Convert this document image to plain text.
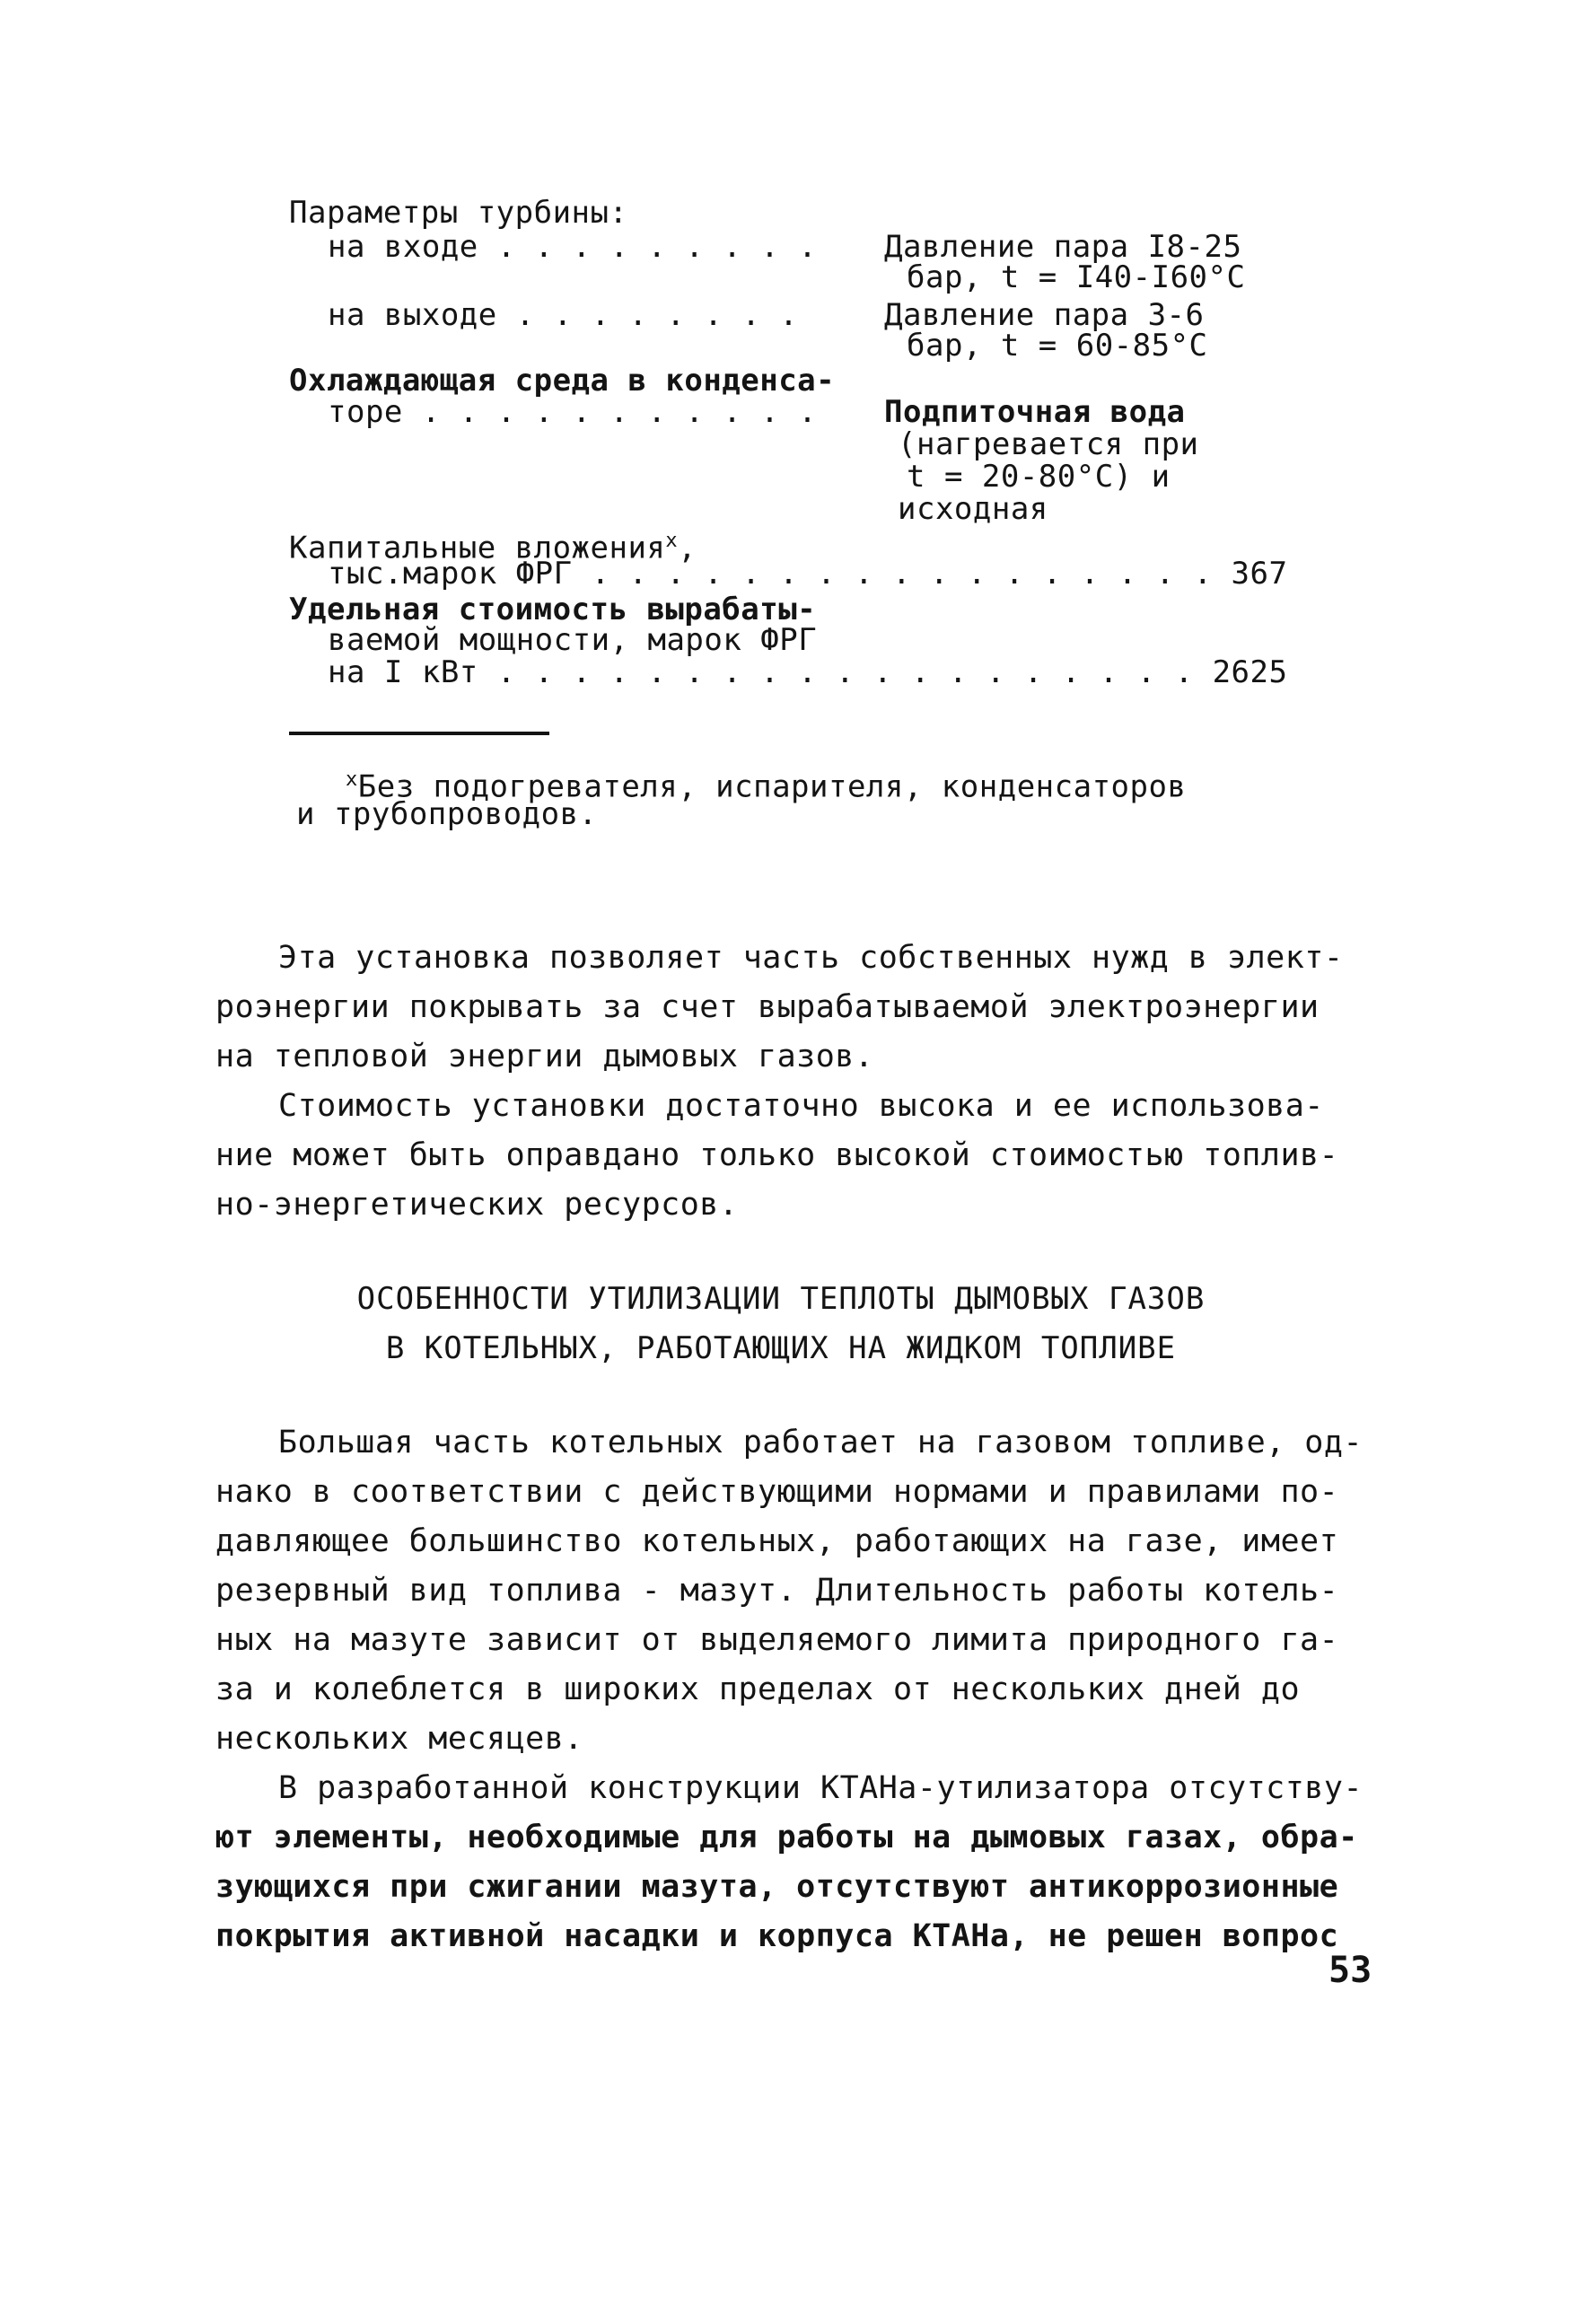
Параметры турбины:
на входе . . . . . . . . . Давление пара I8-25
бар, t = I40-I60°С
на выходе . . . . . . . .	Давление пара 3-6
бар, t = 60-85°С
Охлаждающая среда в конденса-
торе . . . . . . . . . . . Подпиточная вода
(нагревается при
t = 20-80°С) и
исходная
Капитальные вложения$^x$,
тыс.марок ФРГ . . . . . . . . . . . . . . . . . 367
Удельная стоимость вырабаты-
ваемой мощности, марок ФРГ
на I кВт . . . . . . . . . . . . . . . . . . . 2625
$^x$Без подогревателя, испарителя, конденсаторов
и трубопроводов.
Эта установка позволяет часть собственных нужд в элект-
роэнергии покрывать за счет вырабатываемой электроэнергии
на тепловой энергии дымовых газов.
Стоимость установки достаточно высока и ее использова-
ние может быть оправдано только высокой стоимостью топлив-
но-энергетических ресурсов.
ОСОБЕННОСТИ УТИЛИЗАЦИИ ТЕПЛОТЫ ДЫМОВЫХ ГАЗОВ
В КОТЕЛЬНЫХ, РАБОТАЮЩИХ НА ЖИДКОМ ТОПЛИВЕ
Большая часть котельных работает на газовом топливе, од-
нако в соответствии с действующими нормами и правилами по-
давляющее большинство котельных, работающих на газе, имеет
резервный вид топлива - мазут. Длительность работы котель-
ных на мазуте зависит от выделяемого лимита природного га-
за и колеблется в широких пределах от нескольких дней до
нескольких месяцев.
В разработанной конструкции КТАНа-утилизатора отсутству-
ют элементы, необходимые для работы на дымовых газах, обра-
зующихся при сжигании мазута, отсутствуют антикоррозионные
покрытия активной насадки и корпуса КТАНа, не решен вопрос
53
